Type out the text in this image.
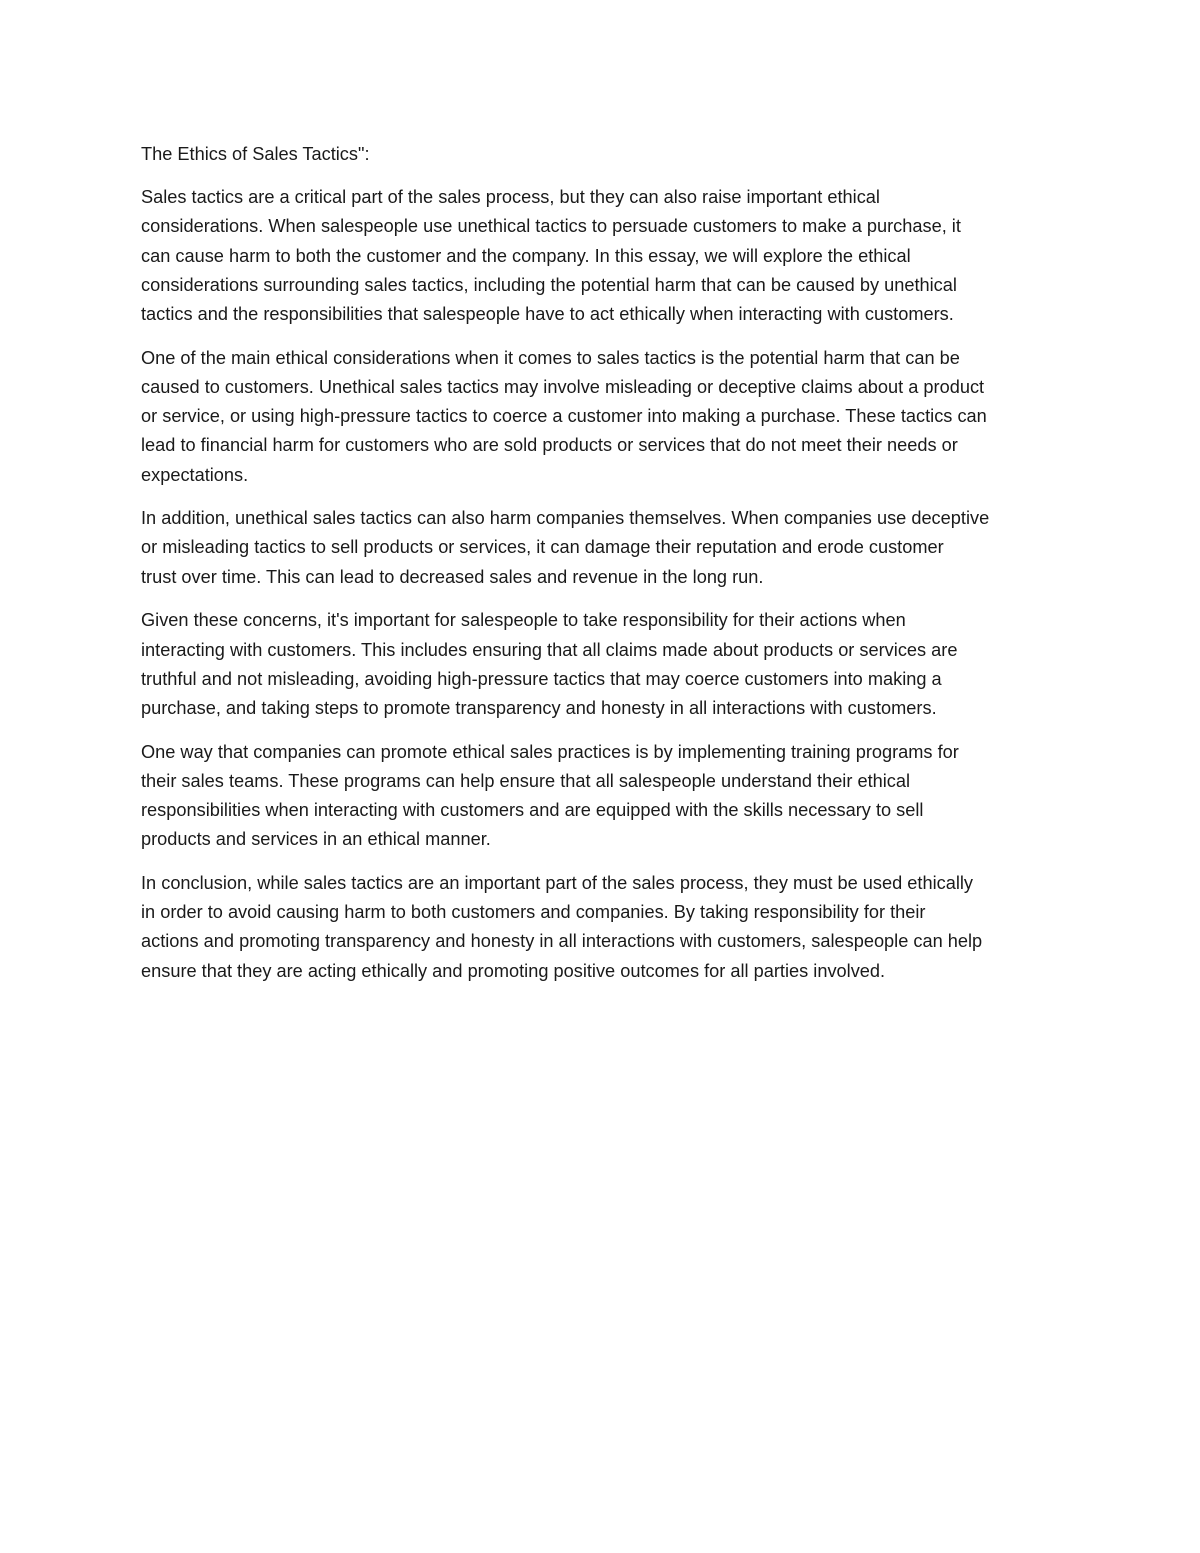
The Ethics of Sales Tactics":
Sales tactics are a critical part of the sales process, but they can also raise important ethical
considerations. When salespeople use unethical tactics to persuade customers to make a purchase, it
can cause harm to both the customer and the company. In this essay, we will explore the ethical
considerations surrounding sales tactics, including the potential harm that can be caused by unethical
tactics and the responsibilities that salespeople have to act ethically when interacting with customers.
One of the main ethical considerations when it comes to sales tactics is the potential harm that can be
caused to customers. Unethical sales tactics may involve misleading or deceptive claims about a product
or service, or using high-pressure tactics to coerce a customer into making a purchase. These tactics can
lead to financial harm for customers who are sold products or services that do not meet their needs or
expectations.
In addition, unethical sales tactics can also harm companies themselves. When companies use deceptive
or misleading tactics to sell products or services, it can damage their reputation and erode customer
trust over time. This can lead to decreased sales and revenue in the long run.
Given these concerns, it's important for salespeople to take responsibility for their actions when
interacting with customers. This includes ensuring that all claims made about products or services are
truthful and not misleading, avoiding high-pressure tactics that may coerce customers into making a
purchase, and taking steps to promote transparency and honesty in all interactions with customers.
One way that companies can promote ethical sales practices is by implementing training programs for
their sales teams. These programs can help ensure that all salespeople understand their ethical
responsibilities when interacting with customers and are equipped with the skills necessary to sell
products and services in an ethical manner.
In conclusion, while sales tactics are an important part of the sales process, they must be used ethically
in order to avoid causing harm to both customers and companies. By taking responsibility for their
actions and promoting transparency and honesty in all interactions with customers, salespeople can help
ensure that they are acting ethically and promoting positive outcomes for all parties involved.
